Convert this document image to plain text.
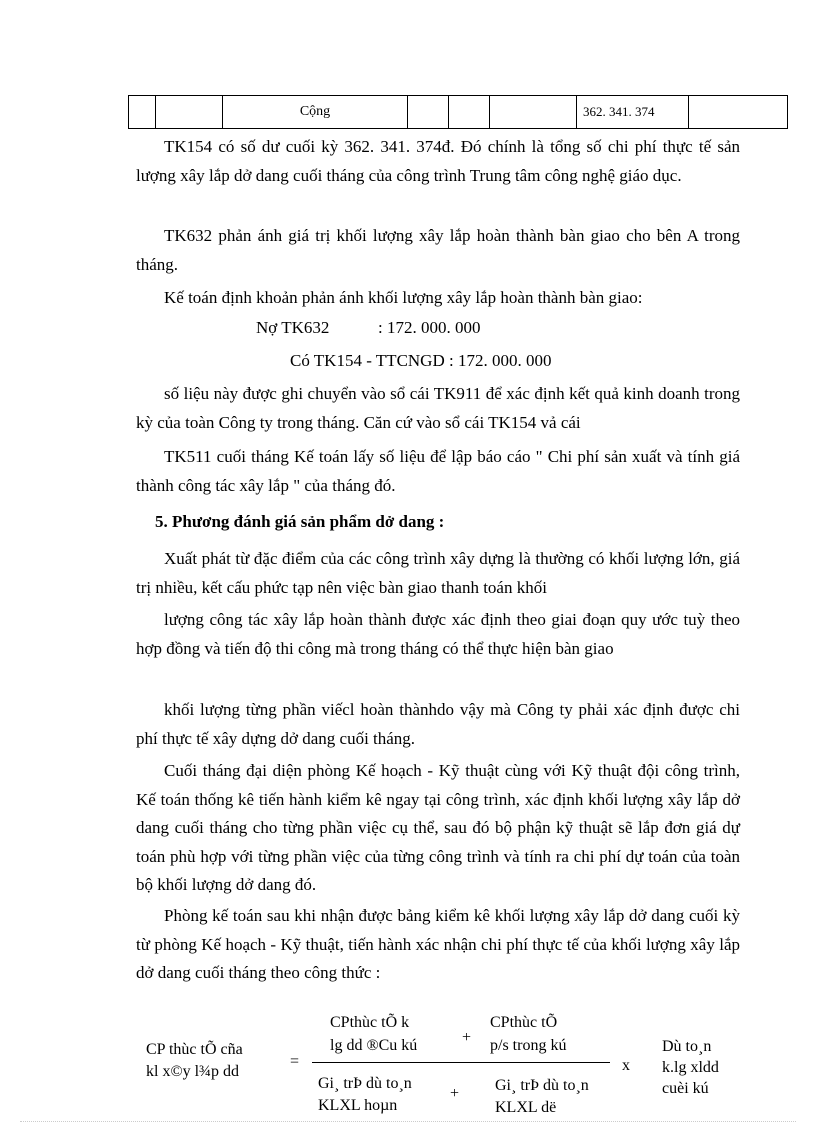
		Cộng				362. 341. 374	

TK154 có số dư cuối kỳ 362. 341. 374đ. Đó chính là tổng số chi phí thực tế sản lượng xây lắp dở dang cuối tháng của công trình Trung tâm công nghệ giáo dục.

TK632 phản ánh giá trị khối lượng xây lắp hoàn thành bàn giao cho bên A trong tháng.

Kế toán định khoản phản ánh khối lượng xây lắp hoàn thành bàn giao:

Nợ TK632	: 172. 000. 000
Có TK154 - TTCNGD : 172. 000. 000

số liệu này được ghi chuyển vào sổ cái TK911 để xác định kết quả kinh doanh trong kỳ của toàn Công ty trong tháng. Căn cứ vào sổ cái TK154 vả cái

TK511 cuối tháng Kế toán lấy số liệu để lập báo cáo " Chi phí sản xuất và tính giá thành công tác xây lắp " của tháng đó.

5. Phương đánh giá sản phẩm dở dang :

Xuất phát từ đặc điểm của các công trình xây dựng là thường có khối lượng lớn, giá trị nhiều, kết cấu phức tạp nên việc bàn giao thanh toán khối

lượng công tác xây lắp hoàn thành được xác định theo giai đoạn quy ước tuỳ theo hợp đồng và tiến độ thi công mà trong tháng có thể thực hiện bàn giao

khối lượng từng phần viếcl hoàn thànhdo vậy mà Công ty phải xác định được chi phí thực tế xây dựng dở dang cuối tháng.

Cuối tháng đại diện phòng Kế hoạch - Kỹ thuật cùng với Kỹ thuật đội công trình, Kế toán thống kê tiến hành kiểm kê ngay tại công trình, xác định khối lượng xây lắp dở dang cuối tháng cho từng phần việc cụ thể, sau đó bộ phận kỹ thuật sẽ lắp đơn giá dự toán phù hợp với từng phần việc của từng công trình và tính ra chi phí dự toán của toàn bộ khối lượng dở dang đó.

Phòng kế toán sau khi nhận được bảng kiểm kê khối lượng xây lắp dở dang cuối kỳ từ phòng Kế hoạch - Kỹ thuật, tiến hành xác nhận chi phí thực tế của khối lượng xây lắp dở dang cuối tháng theo công thức :

CP thùc tÕ cña
kl x©y l¾p dd
=
CPthùc tÕ k
lg dd ®Cu kú	+
CPthùc tÕ
p/s trong kú
Gi¸ trÞ dù to¸n
KLXL hoµn
+ Gi¸ trÞ dù to¸n
KLXL dë
x
Dù to¸n
k.lg xldd
cuèi kú
